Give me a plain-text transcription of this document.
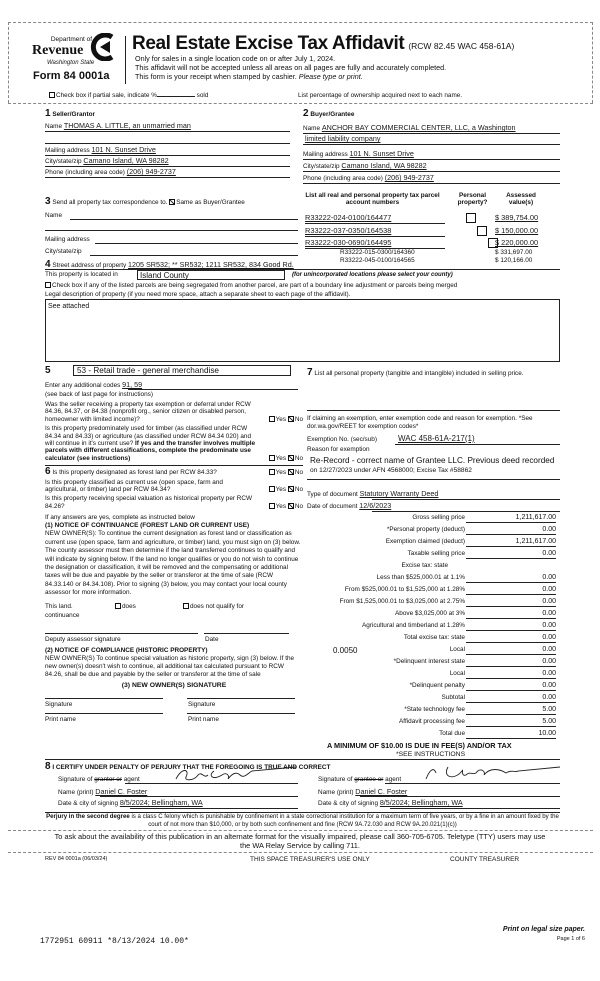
Department of
Revenue
Washington State
Form 84 0001a
Real Estate Excise Tax Affidavit (RCW 82.45 WAC 458-61A)
Only for sales in a single location code on or after July 1, 2024.
This affidavit will not be accepted unless all areas on all pages are fully and accurately completed.
This form is your receipt when stamped by cashier. Please type or print.
Check box if partial sale, indicate %	sold	List percentage of ownership acquired next to each name.
1 Seller/Grantor
Name THOMAS A. LITTLE, an unmarried man
Mailing address 101 N. Sunset Drive
City/state/zip Camano Island, WA 98282
Phone (including area code) (206) 949-2737
2 Buyer/Grantee
Name ANCHOR BAY COMMERCIAL CENTER, LLC, a Washington
limited liability company
Mailing address 101 N. Sunset Drive
City/state/zip Camano Island, WA 98282
Phone (including area code) (206) 949-2737
3 Send all property tax correspondence to. Same as Buyer/Grantee
Name
Mailing address
City/state/zip
List all real and personal property tax parcel account numbers
Personal property?
Assessed value(s)
R33222-024-0100/164477	$ 389,754.00
R33222-037-0350/164538	$ 150,000.00
R33222-030-0690/164495	$ 220,000.00
R33222-015-0300/164360	$ 331,697.00
R33222-045-0100/164565	$ 120,166.00
4 Street address of property 1205 SR532; ** SR532; 1211 SR532, 834 Good Rd.
This property is located in	Island County	(for unincorporated locations please select your county)
Check box if any of the listed parcels are being segregated from another parcel, are part of a boundary line adjustment or parcels being merged
Legal description of property (if you need more space, attach a separate sheet to each page of the affidavit).
See attached
5	53 - Retail trade - general merchandise
Enter any additional codes 91, 59
(see back of last page for instructions)
Was the seller receiving a property tax exemption or deferral under RCW 84.36, 84.37, or 84.38 (nonprofit org., senior citizen or disabled person, homeowner with limited income)?	Yes No
Is this property predominately used for timber (as classified under RCW 84.34 and 84.33) or agriculture (as classified under RCW 84.34 020) and will continue in it's current use? If yes and the transfer involves multiple parcels with different classifications, complete the predominate use calculator (see instructions)	Yes No
6 Is this property designated as forest land per RCW 84.33?	Yes No
Is this property classified as current use (open space, farm and agricultural, or timber) land per RCW 84.34?	Yes No
Is this property receiving special valuation as historical property per RCW 84.26?	Yes No
If any answers are yes, complete as instructed below
(1) NOTICE OF CONTINUANCE (FOREST LAND OR CURRENT USE)
NEW OWNER(S): To continue the current designation as forest land or classification as current use (open space, farm and agriculture, or timber) land, you must sign on (3) below. The county assessor must then determine if the land transferred continues to qualify and will indicate by signing below. If the land no longer qualifies or you do not wish to continue the designation or classification, it will be removed and the compensating or additional taxes will be due and payable by the seller or transferor at the time of sale (RCW 84.33.140 or 84.34.108). Prior to signing (3) below, you may contact your local county assessor for more information.
This land.
continuance
does	does not qualify for
Deputy assessor signature	Date
(2) NOTICE OF COMPLIANCE (HISTORIC PROPERTY)
NEW OWNER(S) To continue special valuation as historic property, sign (3) below. If the new owner(s) doesn't wish to continue, all additional tax calculated pursuant to RCW 84.26, shall be due and payable by the seller or transferor at the time of sale
(3) NEW OWNER(S) SIGNATURE
Signature	Signature
Print name	Print name
7 List all personal property (tangible and intangible) included in selling price.
If claiming an exemption, enter exemption code and reason for exemption. *See dor.wa.gov/REET for exemption codes*
Exemption No. (sec/sub)	WAC 458-61A-217(1)
Reason for exemption
Re-Record - correct name of Grantee LLC. Previous deed recorded
on 12/27/2023 under AFN 4568000; Excise Tax #58862
Type of document Statutory Warranty Deed
Date of document 12/6/2023
Gross selling price	1,211,617.00
*Personal property (deduct)	0.00
Exemption claimed (deduct)	1,211,617.00
Taxable selling price	0.00
Excise tax: state
Less than $525,000.01 at 1.1%	0.00
From $525,000.01 to $1,525,000 at 1.28%	0.00
From $1,525,000.01 to $3,025,000 at 2.75%	0.00
Above $3,025,000 at 3%	0.00
Agricultural and timberland at 1.28%	0.00
Total excise tax: state	0.00
Local	0.00
*Delinquent interest state	0.00
Local	0.00
*Delinquent penalty	0.00
Subtotal	0.00
*State technology fee	5.00
Affidavit processing fee	5.00
Total due	10.00
0.0050
A MINIMUM OF $10.00 IS DUE IN FEE(S) AND/OR TAX
*SEE INSTRUCTIONS
8 I CERTIFY UNDER PENALTY OF PERJURY THAT THE FOREGOING IS TRUE AND CORRECT
Signature of grantor or agent
Name (print) Daniel C. Foster
Date & city of signing 8/5/2024; Bellingham, WA
Signature of grantee or agent
Name (print) Daniel C. Foster
Date & city of signing 8/5/2024; Bellingham, WA
Perjury in the second degree is a class C felony which is punishable by confinement in a state correctional institution for a maximum term of five years, or by a fine in an amount fixed by the court of not more than $10,000, or by both such confinement and fine (RCW 9A.72.030 and RCW 9A.20.021(1)(c))
To ask about the availability of this publication in an alternate format for the visually impaired, please call 360-705-6705. Teletype (TTY) users may use the WA Relay Service by calling 711.
REV 84 0001a (06/03/24)	THIS SPACE TREASURER'S USE ONLY	COUNTY TREASURER
1772951 60911 *8/13/2024 10.00*
Print on legal size paper.
Page 1 of 6
